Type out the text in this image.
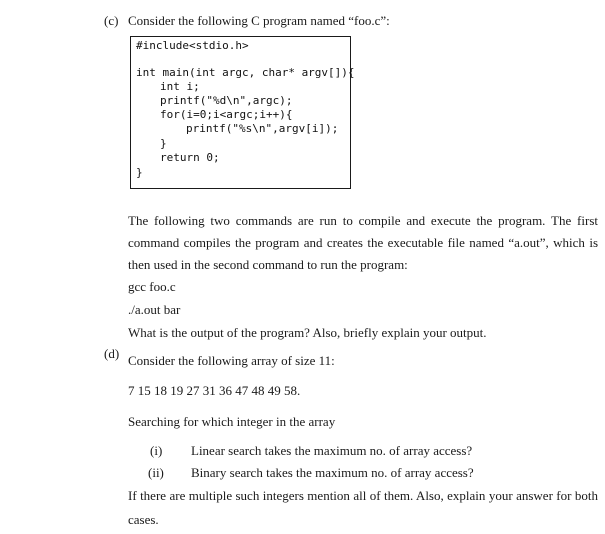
(c) Consider the following C program named “foo.c”:
#include<stdio.h>
int main(int argc, char* argv[]){
int i;
printf("%d\n",argc);
for(i=0;i<argc;i++){
printf("%s\n",argv[i]);
}
return 0;
}
The following two commands are run to compile and execute the program. The first
command compiles the program and creates the executable file named “a.out”, which is
then used in the second command to run the program:
gcc foo.c
./a.out bar
What is the output of the program? Also, briefly explain your output.
(d) Consider the following array of size 11:
7 15 18 19 27 31 36 47 48 49 58.
Searching for which integer in the array
(i) Linear search takes the maximum no. of array access?
(ii) Binary search takes the maximum no. of array access?
If there are multiple such integers mention all of them. Also, explain your answer for both
cases.
